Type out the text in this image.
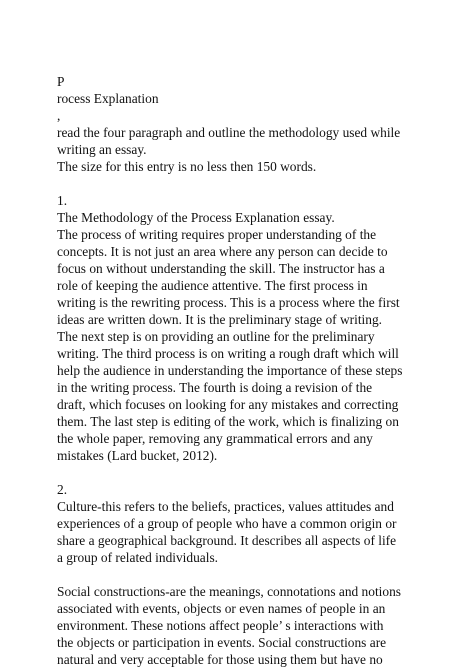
P
rocess Explanation
,
read the four paragraph and outline the methodology used while
writing an essay.
The size for this entry is no less then 150 words.
1.
The Methodology of the Process Explanation essay.
The process of writing requires proper understanding of the
concepts. It is not just an area where any person can decide to
focus on without understanding the skill. The instructor has a
role of keeping the audience attentive. The first process in
writing is the rewriting process. This is a process where the first
ideas are written down. It is the preliminary stage of writing.
The next step is on providing an outline for the preliminary
writing. The third process is on writing a rough draft which will
help the audience in understanding the importance of these steps
in the writing process. The fourth is doing a revision of the
draft, which focuses on looking for any mistakes and correcting
them. The last step is editing of the work, which is finalizing on
the whole paper, removing any grammatical errors and any
mistakes (Lard bucket, 2012).
2.
Culture-this refers to the beliefs, practices, values attitudes and
experiences of a group of people who have a common origin or
share a geographical background. It describes all aspects of life
a group of related individuals.
Social constructions-are the meanings, connotations and notions
associated with events, objects or even names of people in an
environment. These notions affect people’ s interactions with
the objects or participation in events. Social constructions are
natural and very acceptable for those using them but have no
